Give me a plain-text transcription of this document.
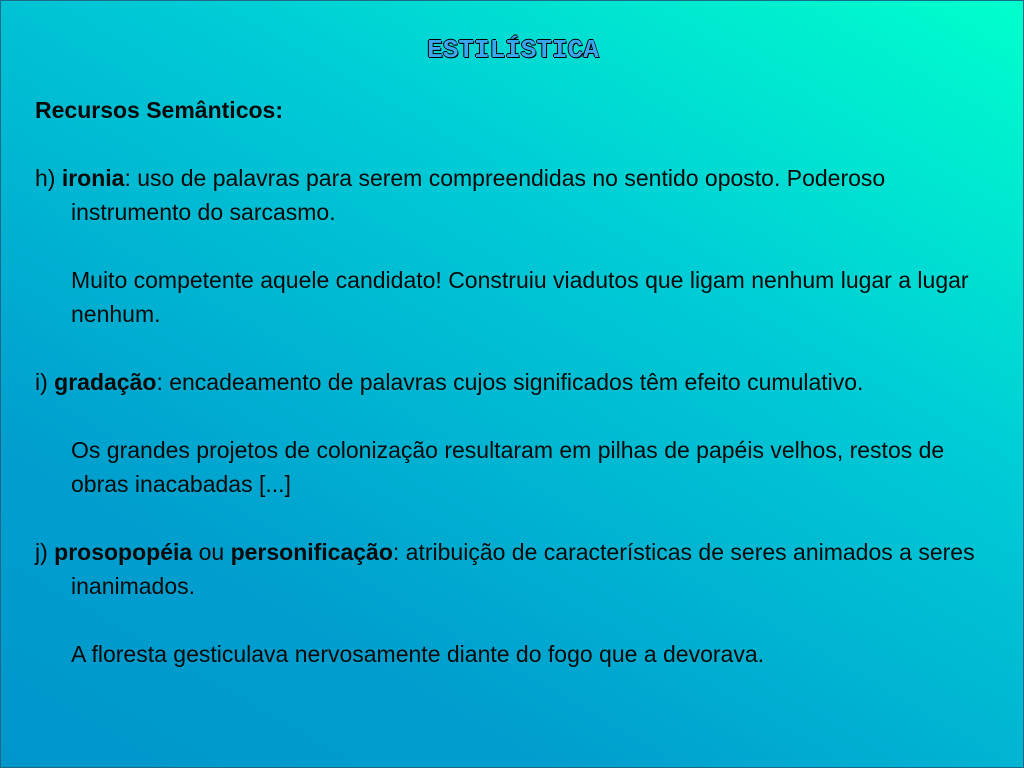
ESTILÍSTICA

Recursos Semânticos:

h) ironia: uso de palavras para serem compreendidas no sentido oposto. Poderoso instrumento do sarcasmo.

Muito competente aquele candidato! Construiu viadutos que ligam nenhum lugar a lugar nenhum.

i) gradação: encadeamento de palavras cujos significados têm efeito cumulativo.

Os grandes projetos de colonização resultaram em pilhas de papéis velhos, restos de obras inacabadas [...]

j) prosopopéia ou personificação: atribuição de características de seres animados a seres inanimados.

A floresta gesticulava nervosamente diante do fogo que a devorava.
